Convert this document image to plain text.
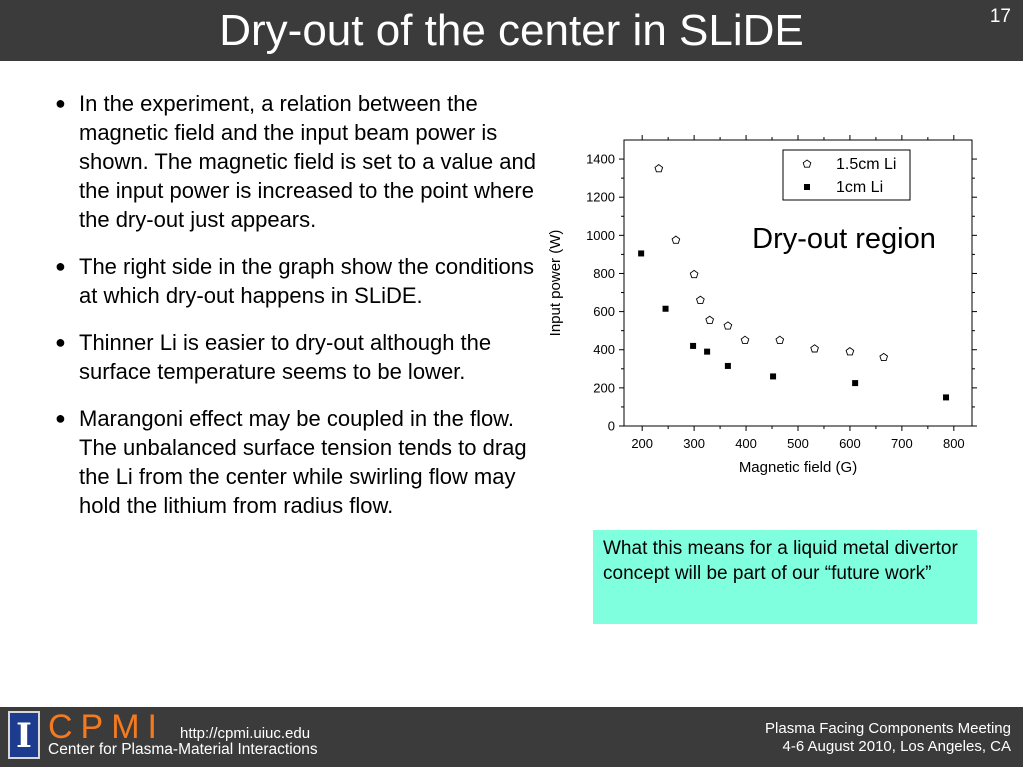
Dry-out of the center in SLiDE	17
● In the experiment, a relation between the magnetic field and the input beam power is shown. The magnetic field is set to a value and the input power is increased to the point where the dry-out just appears.
● The right side in the graph show the conditions at which dry-out happens in SLiDE.
● Thinner Li is easier to dry-out although the surface temperature seems to be lower.
● Marangoni effect may be coupled in the flow. The unbalanced surface tension tends to drag the Li from the center while swirling flow may hold the lithium from radius flow.
200 300 400 500 600 700 800
0
200
400
600
800
1000
1200
1400
Magnetic field (G)
Input power (W)
1.5cm Li
1cm Li
Dry-out region
What this means for a liquid metal divertor concept will be part of our “future work”
I CPMI http://cpmi.uiuc.edu
Center for Plasma-Material Interactions
Plasma Facing Components Meeting
4-6 August 2010, Los Angeles, CA
